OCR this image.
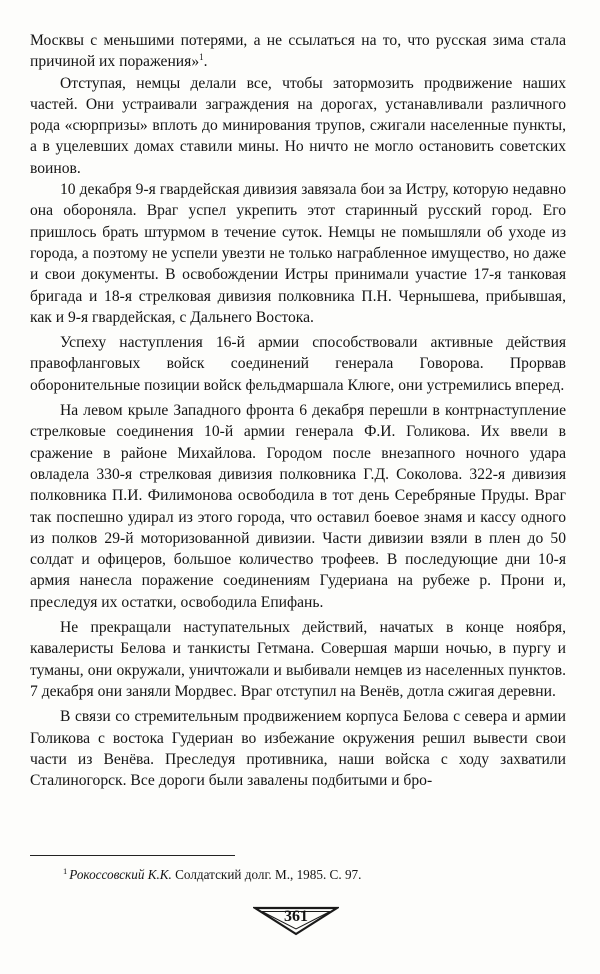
Москвы с меньшими потерями, а не ссылаться на то, что русская зима стала причиной их поражения»$^1$.

Отступая, немцы делали все, чтобы затормозить продвижение наших частей. Они устраивали заграждения на дорогах, устанавливали различного рода «сюрпризы» вплоть до минирования трупов, сжигали населенные пункты, а в уцелевших домах ставили мины. Но ничто не могло остановить советских воинов.

10 декабря 9-я гвардейская дивизия завязала бои за Истру, которую недавно она обороняла. Враг успел укрепить этот старинный русский город. Его пришлось брать штурмом в течение суток. Немцы не помышляли об уходе из города, а поэтому не успели увезти не только награбленное имущество, но даже и свои документы. В освобождении Истры принимали участие 17-я танковая бригада и 18-я стрелковая дивизия полковника П.Н. Чернышева, прибывшая, как и 9-я гвардейская, с Дальнего Востока.

Успеху наступления 16-й армии способствовали активные действия правофланговых войск соединений генерала Говорова. Прорвав оборонительные позиции войск фельдмаршала Клюге, они устремились вперед.

На левом крыле Западного фронта 6 декабря перешли в контрнаступление стрелковые соединения 10-й армии генерала Ф.И. Голикова. Их ввели в сражение в районе Михайлова. Городом после внезапного ночного удара овладела 330-я стрелковая дивизия полковника Г.Д. Соколова. 322-я дивизия полковника П.И. Филимонова освободила в тот день Серебряные Пруды. Враг так поспешно удирал из этого города, что оставил боевое знамя и кассу одного из полков 29-й моторизованной дивизии. Части дивизии взяли в плен до 50 солдат и офицеров, большое количество трофеев. В последующие дни 10-я армия нанесла поражение соединениям Гудериана на рубеже р. Прони и, преследуя их остатки, освободила Епифань.

Не прекращали наступательных действий, начатых в конце ноября, кавалеристы Белова и танкисты Гетмана. Совершая марши ночью, в пургу и туманы, они окружали, уничтожали и выбивали немцев из населенных пунктов. 7 декабря они заняли Мордвес. Враг отступил на Венёв, дотла сжигая деревни.

В связи со стремительным продвижением корпуса Белова с севера и армии Голикова с востока Гудериан во избежание окружения решил вывести свои части из Венёва. Преследуя противника, наши войска с ходу захватили Сталиногорск. Все дороги были завалены подбитыми и бро-

$^1$ Рокоссовский К.К. Солдатский долг. М., 1985. С. 97.
361
